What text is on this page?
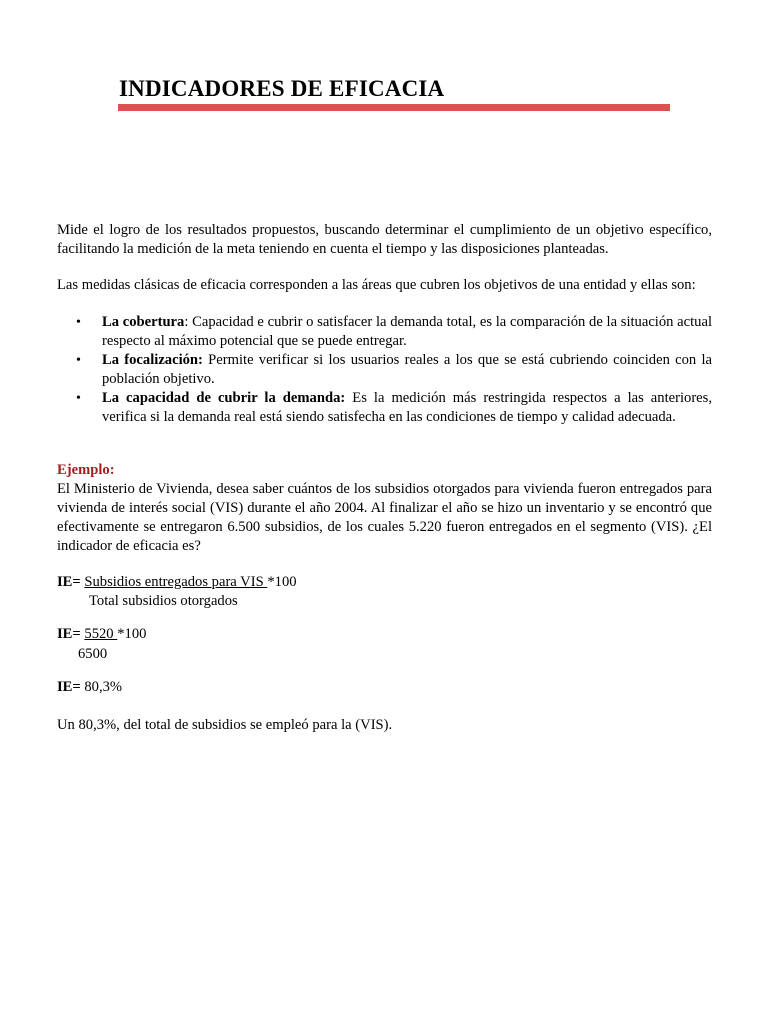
INDICADORES DE EFICACIA
Mide el logro de los resultados propuestos, buscando determinar el cumplimiento de un objetivo específico, facilitando la medición de la meta teniendo en cuenta el tiempo y las disposiciones planteadas.
Las medidas clásicas de eficacia corresponden a las áreas que cubren los objetivos de una entidad y ellas son:
• La cobertura: Capacidad e cubrir o satisfacer la demanda total, es la comparación de la situación actual respecto al máximo potencial que se puede entregar.
• La focalización: Permite verificar si los usuarios reales a los que se está cubriendo coinciden con la población objetivo.
• La capacidad de cubrir la demanda: Es la medición más restringida respectos a las anteriores, verifica si la demanda real está siendo satisfecha en las condiciones de tiempo y calidad adecuada.
Ejemplo:
El Ministerio de Vivienda, desea saber cuántos de los subsidios otorgados para vivienda fueron entregados para vivienda de interés social (VIS) durante el año 2004. Al finalizar el año se hizo un inventario y se encontró que efectivamente se entregaron 6.500 subsidios, de los cuales 5.220 fueron entregados en el segmento (VIS). ¿El indicador de eficacia es?
IE= Subsidios entregados para VIS *100
Total subsidios otorgados
IE= 5520 *100
6500
IE= 80,3%
Un 80,3%, del total de subsidios se empleó para la (VIS).
